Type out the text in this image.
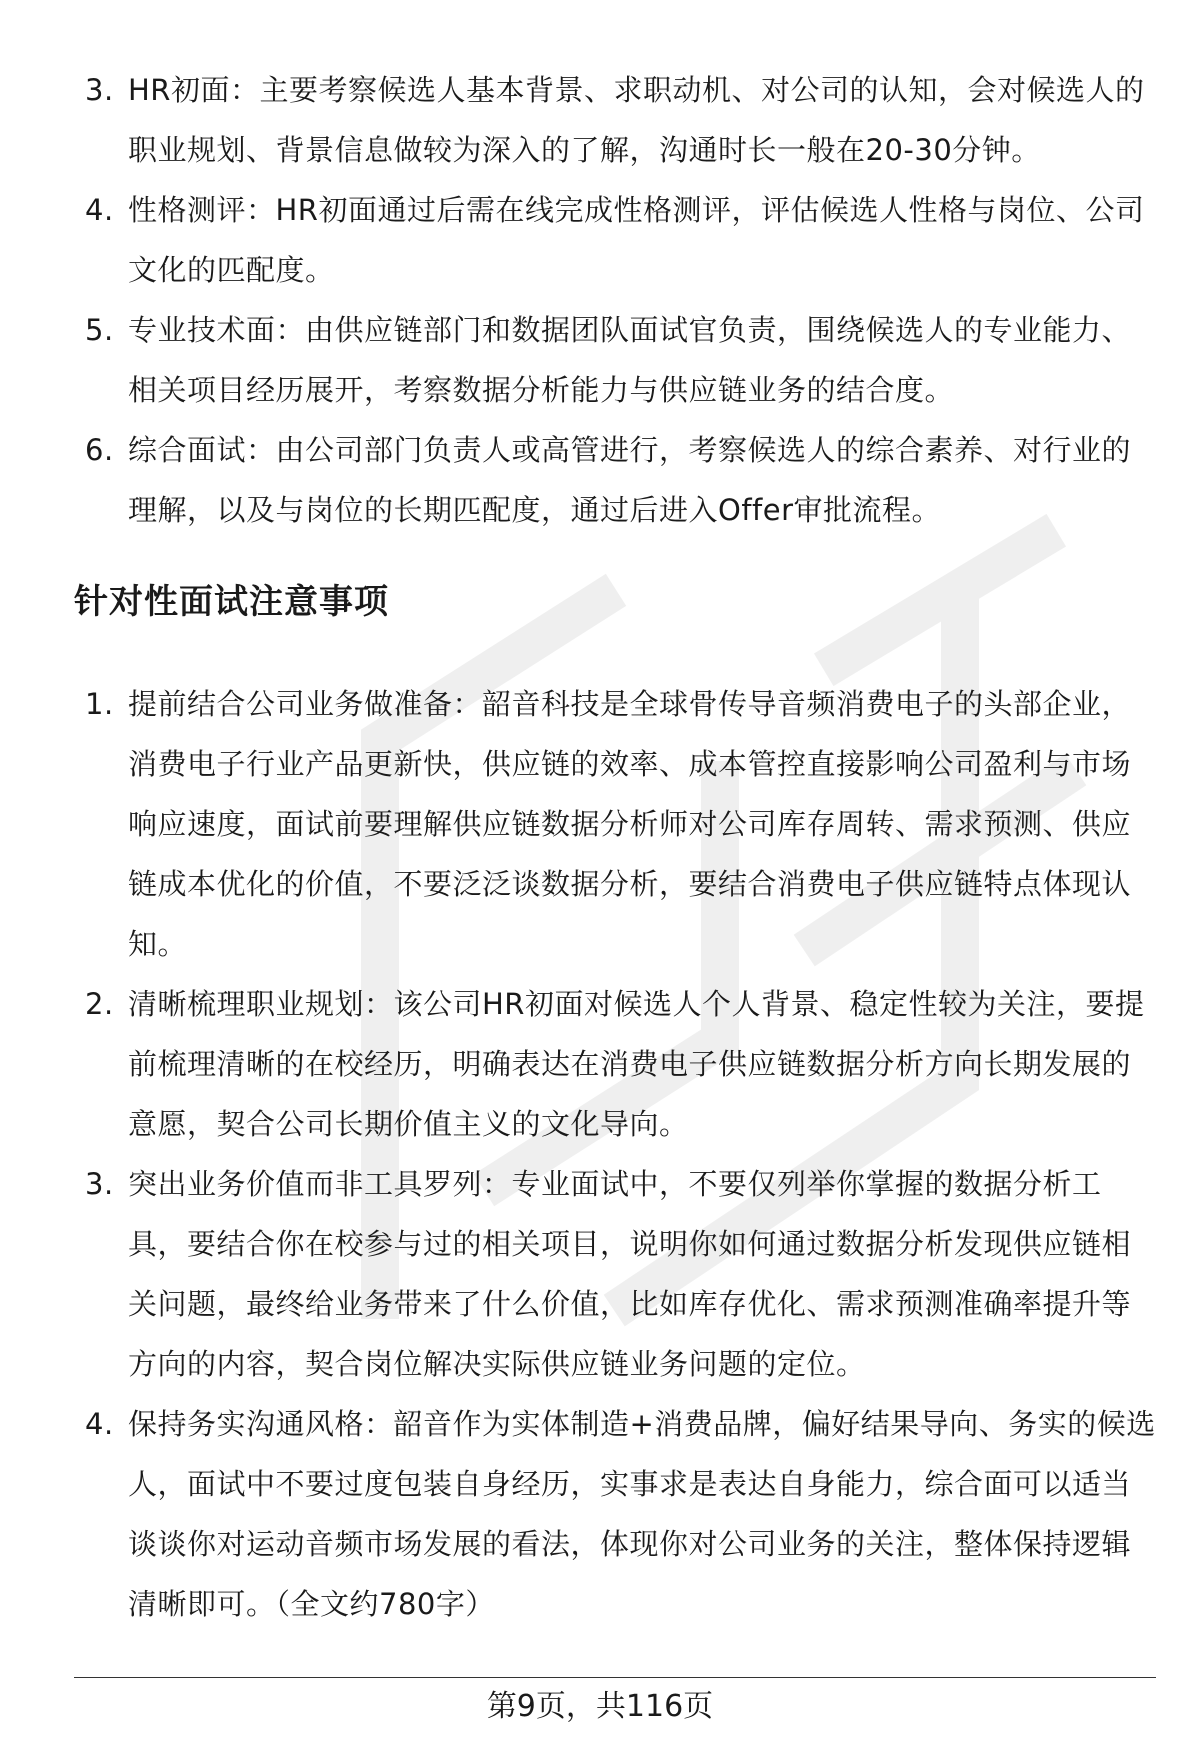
3. HR初面：主要考察候选人基本背景、求职动机、对公司的认知，会对候选人的职业规划、背景信息做较为深入的了解，沟通时长一般在20-30分钟。
4. 性格测评：HR初面通过后需在线完成性格测评，评估候选人性格与岗位、公司文化的匹配度。
5. 专业技术面：由供应链部门和数据团队面试官负责，围绕候选人的专业能力、相关项目经历展开，考察数据分析能力与供应链业务的结合度。
6. 综合面试：由公司部门负责人或高管进行，考察候选人的综合素养、对行业的理解，以及与岗位的长期匹配度，通过后进入Offer审批流程。
针对性面试注意事项
1. 提前结合公司业务做准备：韶音科技是全球骨传导音频消费电子的头部企业，消费电子行业产品更新快，供应链的效率、成本管控直接影响公司盈利与市场响应速度，面试前要理解供应链数据分析师对公司库存周转、需求预测、供应链成本优化的价值，不要泛泛谈数据分析，要结合消费电子供应链特点体现认知。
2. 清晰梳理职业规划：该公司HR初面对候选人个人背景、稳定性较为关注，要提前梳理清晰的在校经历，明确表达在消费电子供应链数据分析方向长期发展的意愿，契合公司长期价值主义的文化导向。
3. 突出业务价值而非工具罗列：专业面试中，不要仅列举你掌握的数据分析工具，要结合你在校参与过的相关项目，说明你如何通过数据分析发现供应链相关问题，最终给业务带来了什么价值，比如库存优化、需求预测准确率提升等方向的内容，契合岗位解决实际供应链业务问题的定位。
4. 保持务实沟通风格：韶音作为实体制造+消费品牌，偏好结果导向、务实的候选人，面试中不要过度包装自身经历，实事求是表达自身能力，综合面可以适当谈谈你对运动音频市场发展的看法，体现你对公司业务的关注，整体保持逻辑清晰即可。（全文约780字）
第9页，共116页
